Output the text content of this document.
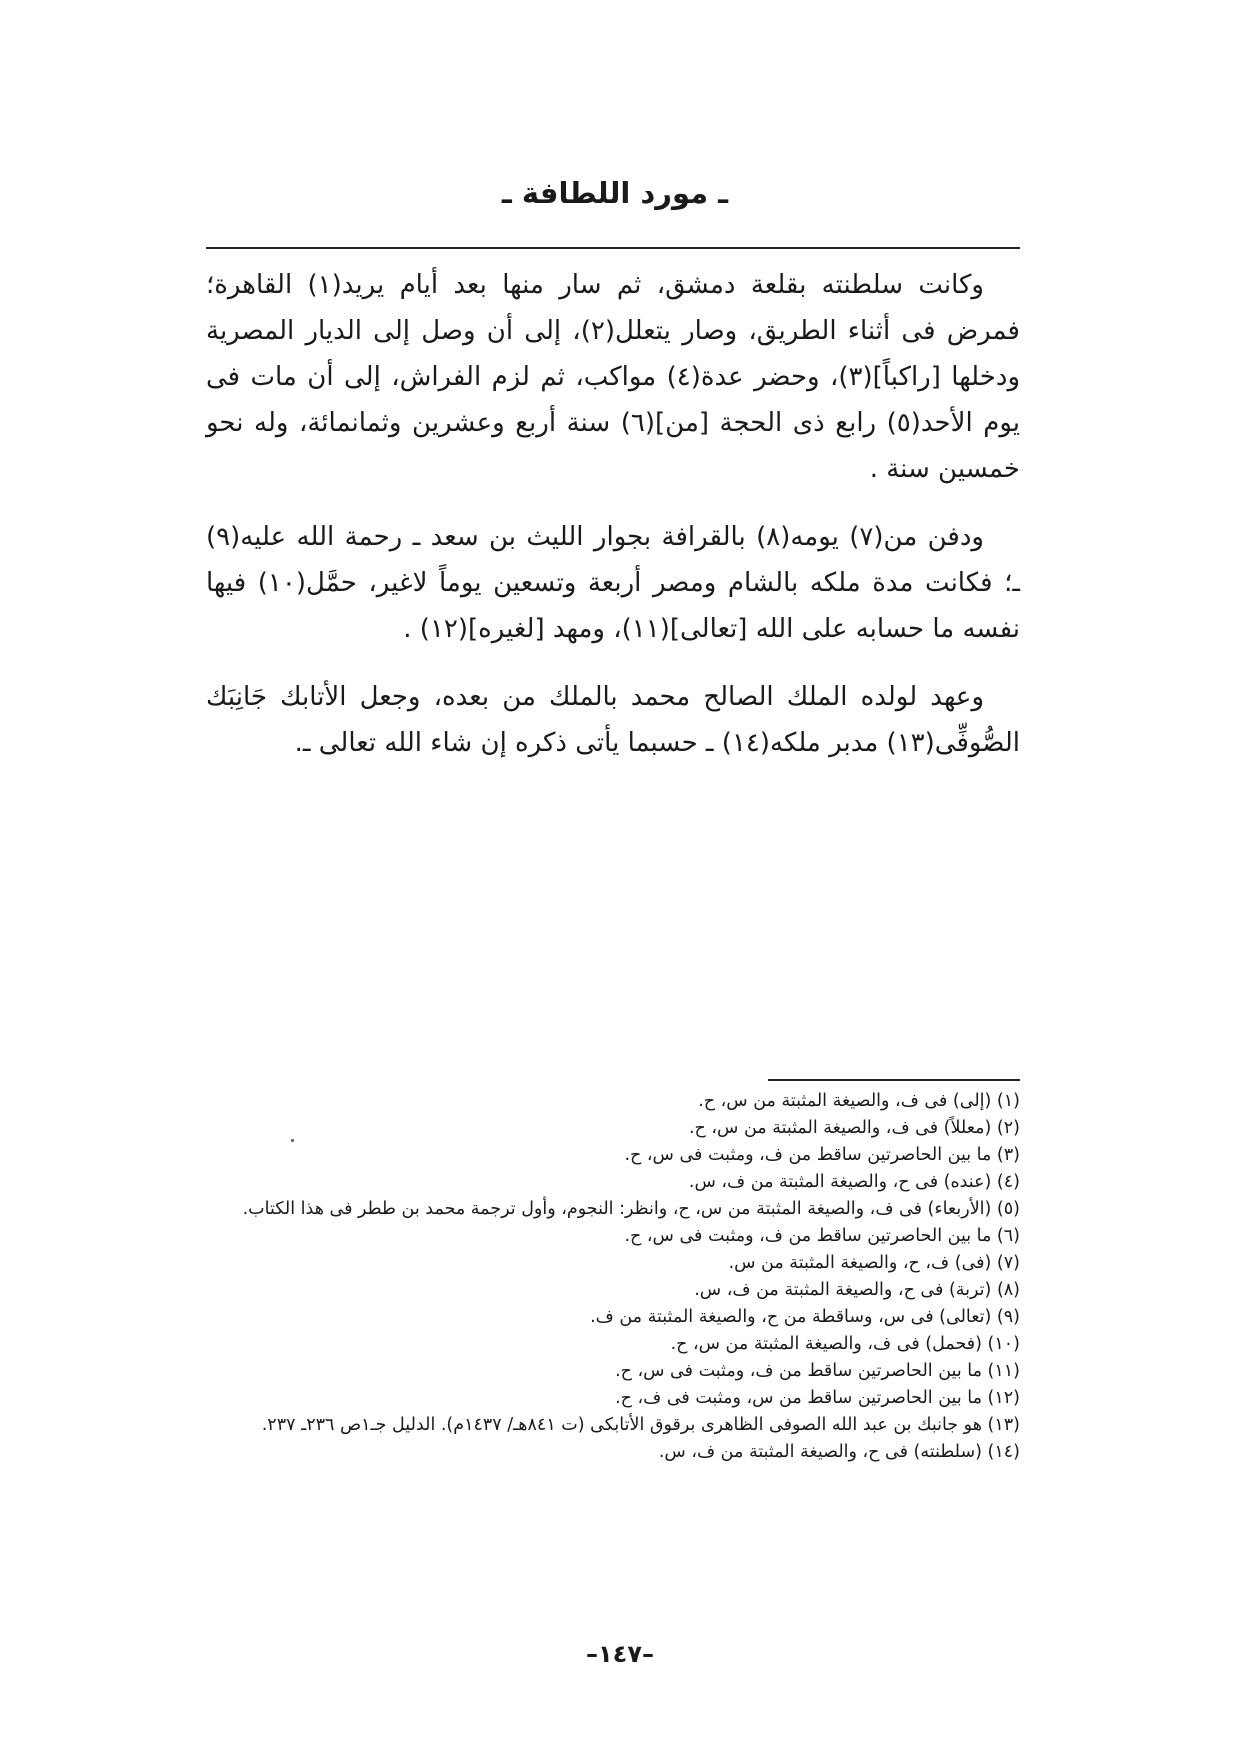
ـ مورد اللطافة ـ

وكانت سلطنته بقلعة دمشق، ثم سار منها بعد أيام يريد(١) القاهرة؛ فمرض فى أثناء الطريق، وصار يتعلل(٢)، إلى أن وصل إلى الديار المصرية ودخلها [راكباً](٣)، وحضر عدة(٤) مواكب، ثم لزم الفراش، إلى أن مات فى يوم الأحد(٥) رابع ذى الحجة [من](٦) سنة أربع وعشرين وثمانمائة، وله نحو خمسين سنة .

ودفن من(٧) يومه(٨) بالقرافة بجوار الليث بن سعد ـ رحمة الله عليه(٩) ـ؛ فكانت مدة ملكه بالشام ومصر أربعة وتسعين يوماً لاغير، حمَّل(١٠) فيها نفسه ما حسابه على الله [تعالى](١١)، ومهد [لغيره](١٢) .

وعهد لولده الملك الصالح محمد بالملك من بعده، وجعل الأتابك جَانِبَك الصُّوفِّى(١٣) مدبر ملكه(١٤) ـ حسبما يأتى ذكره إن شاء الله تعالى ـ.

(١) (إلى) فى ف، والصيغة المثبتة من س، ح.

(٢) (معللاً) فى ف، والصيغة المثبتة من س، ح.

(٣) ما بين الحاصرتين ساقط من ف، ومثبت فى س، ح.

(٤) (عنده) فى ح، والصيغة المثبتة من ف، س.

(٥) (الأربعاء) فى ف، والصيغة المثبتة من س، ح، وانظر: النجوم، وأول ترجمة محمد بن ططر فى هذا الكتاب.

(٦) ما بين الحاصرتين ساقط من ف، ومثبت فى س، ح.

(٧) (فى) ف، ح، والصيغة المثبتة من س.

(٨) (تربة) فى ح، والصيغة المثبتة من ف، س.

(٩) (تعالى) فى س، وساقطة من ح، والصيغة المثبتة من ف.

(١٠) (فحمل) فى ف، والصيغة المثبتة من س، ح.

(١١) ما بين الحاصرتين ساقط من ف، ومثبت فى س، ح.

(١٢) ما بين الحاصرتين ساقط من س، ومثبت فى ف، ح.

(١٣) هو جانبك بن عبد الله الصوفى الظاهرى برقوق الأتابكى (ت ٨٤١هـ/ ١٤٣٧م). الدليل جـ١ص ٢٣٦ـ ٢٣٧.

(١٤) (سلطنته) فى ح، والصيغة المثبتة من ف، س.

–١٤٧–
